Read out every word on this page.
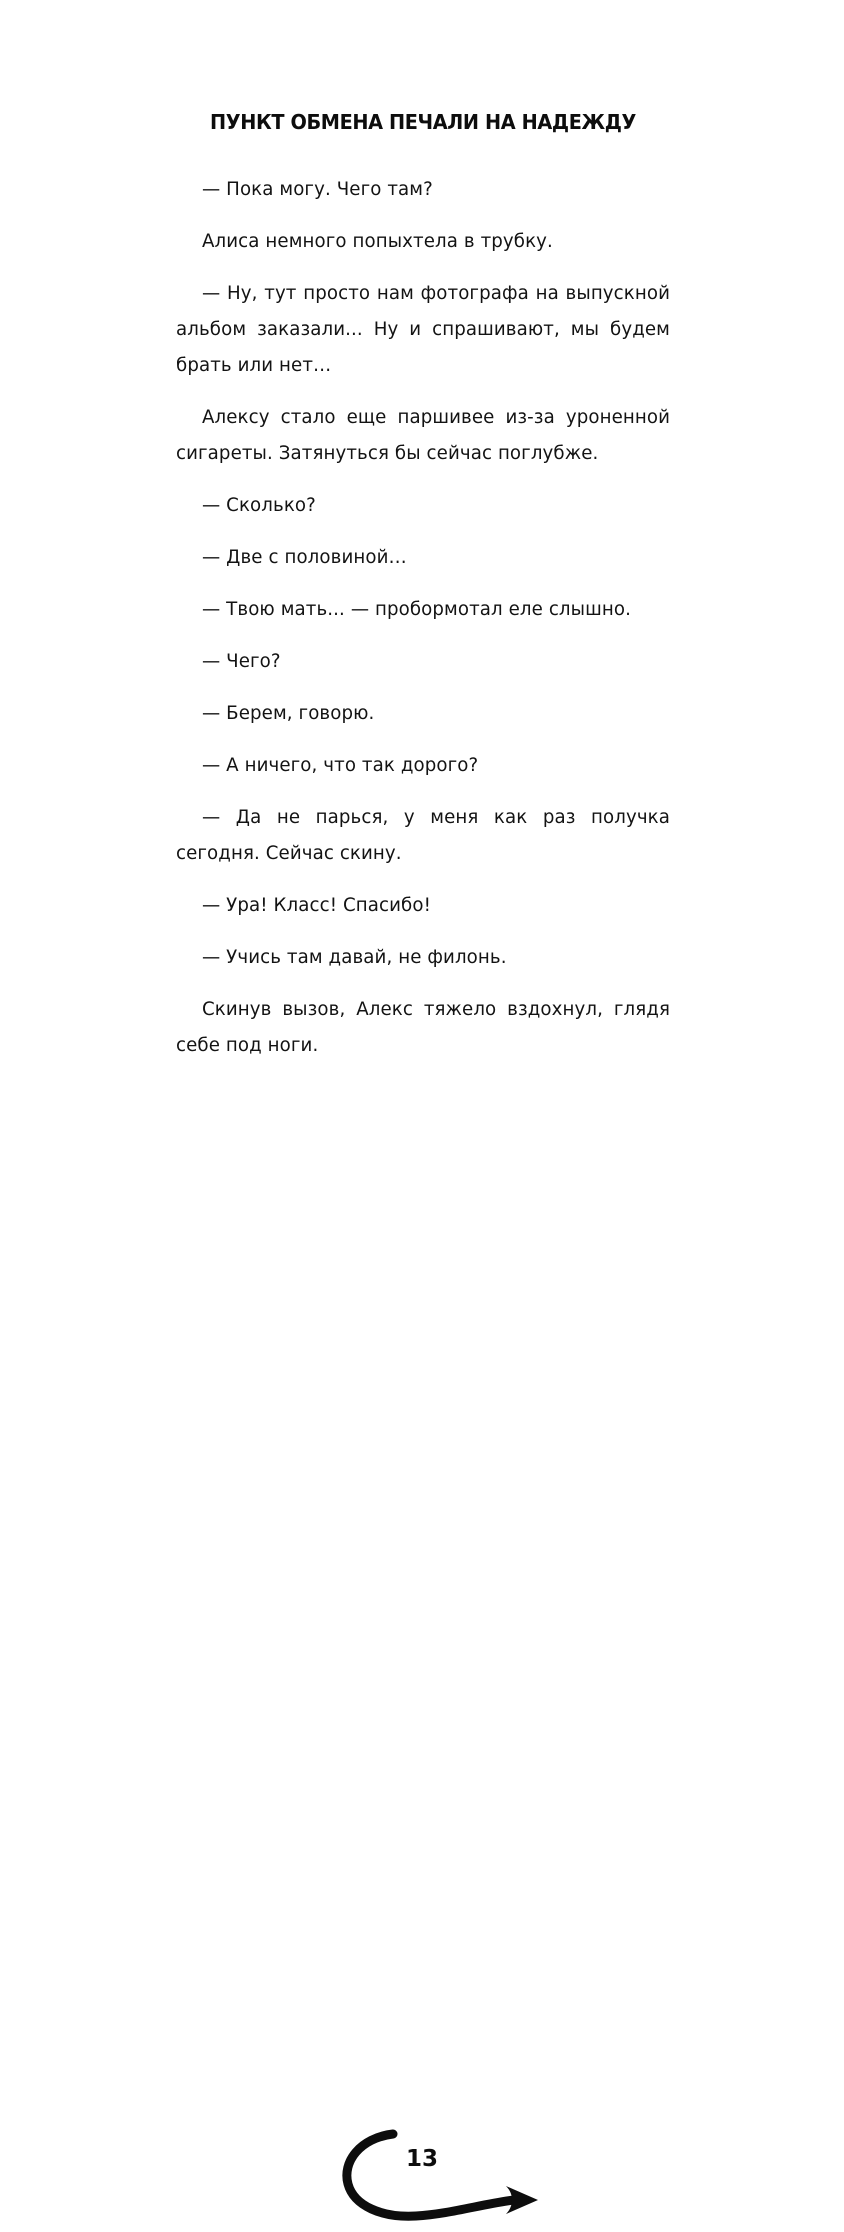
ПУНКТ ОБМЕНА ПЕЧАЛИ НА НАДЕЖДУ

— Пока могу. Чего там?

Алиса немного попыхтела в трубку.

— Ну, тут просто нам фотографа на выпускной альбом заказали... Ну и спрашивают, мы будем брать или нет…

Алексу стало еще паршивее из-за уроненной сигареты. Затянуться бы сейчас поглубже.

— Сколько?

— Две с половиной…

— Твою мать... — пробормотал еле слышно.

— Чего?

— Берем, говорю.

— А ничего, что так дорого?

— Да не парься, у меня как раз получка сегодня. Сейчас скину.

— Ура! Класс! Спасибо!

— Учись там давай, не филонь.

Скинув вызов, Алекс тяжело вздохнул, глядя себе под ноги.

13
